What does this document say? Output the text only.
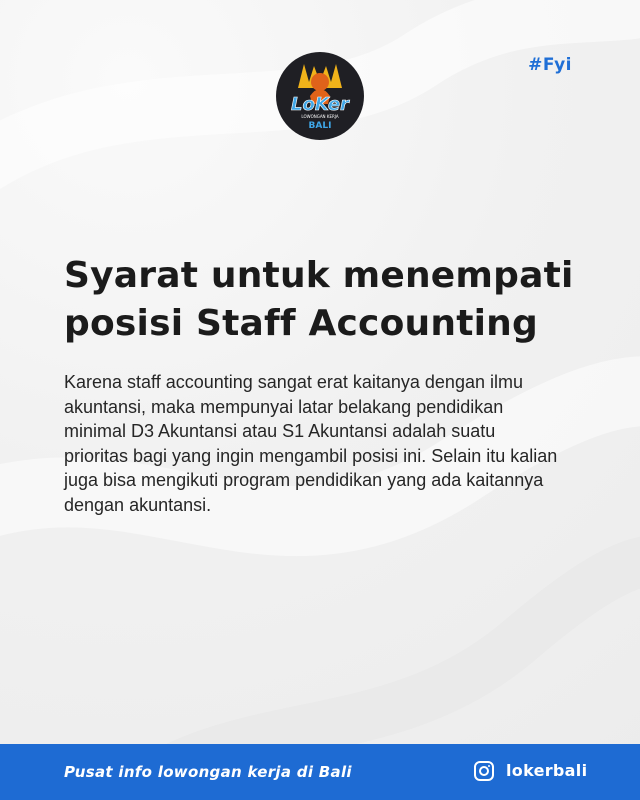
LoKer
LOWONGAN KERJA
BALI
#Fyi
Syarat untuk menempati posisi Staff Accounting

Karena staff accounting sangat erat kaitanya dengan ilmu akuntansi, maka mempunyai latar belakang pendidikan minimal D3 Akuntansi atau S1 Akuntansi adalah suatu prioritas bagi yang ingin mengambil posisi ini. Selain itu kalian juga bisa mengikuti program pendidikan yang ada kaitannya dengan akuntansi.

Pusat info lowongan kerja di Bali	lokerbali
